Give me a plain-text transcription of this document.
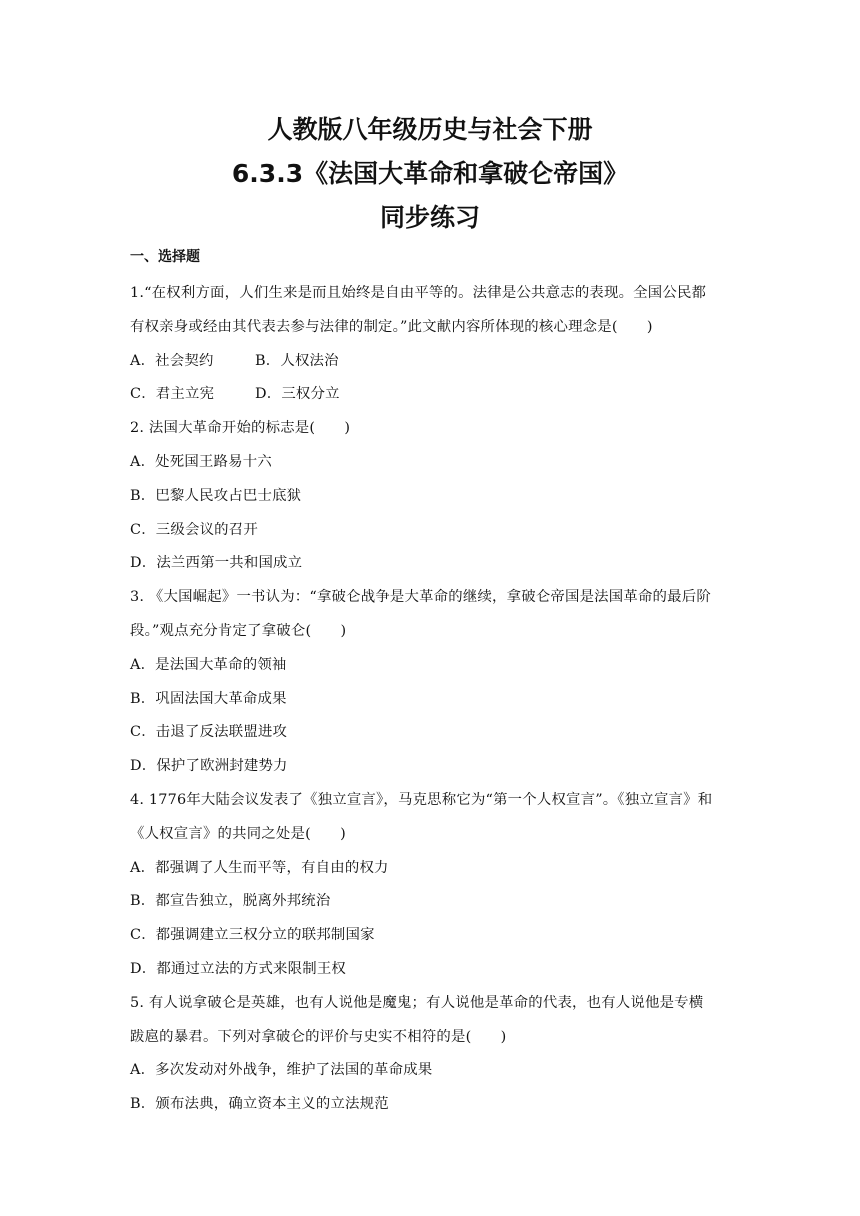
人教版八年级历史与社会下册
6.3.3《法国大革命和拿破仑帝国》
同步练习
一、选择题
1.“在权利方面，人们生来是而且始终是自由平等的。法律是公共意志的表现。全国公民都
有权亲身或经由其代表去参与法律的制定。”此文献内容所体现的核心理念是(　　)
A．社会契约	B．人权法治
C．君主立宪	D．三权分立
2. 法国大革命开始的标志是(　　)
A．处死国王路易十六
B．巴黎人民攻占巴士底狱
C．三级会议的召开
D．法兰西第一共和国成立
3. 《大国崛起》一书认为：“拿破仑战争是大革命的继续，拿破仑帝国是法国革命的最后阶
段。”观点充分肯定了拿破仑(　　)
A．是法国大革命的领袖
B．巩固法国大革命成果
C．击退了反法联盟进攻
D．保护了欧洲封建势力
4. 1776年大陆会议发表了《独立宣言》，马克思称它为“第一个人权宣言”。《独立宣言》和
《人权宣言》的共同之处是(　　)
A．都强调了人生而平等，有自由的权力
B．都宣告独立，脱离外邦统治
C．都强调建立三权分立的联邦制国家
D．都通过立法的方式来限制王权
5. 有人说拿破仑是英雄，也有人说他是魔鬼；有人说他是革命的代表，也有人说他是专横
跋扈的暴君。下列对拿破仑的评价与史实不相符的是(　　)
A．多次发动对外战争，维护了法国的革命成果
B．颁布法典，确立资本主义的立法规范
